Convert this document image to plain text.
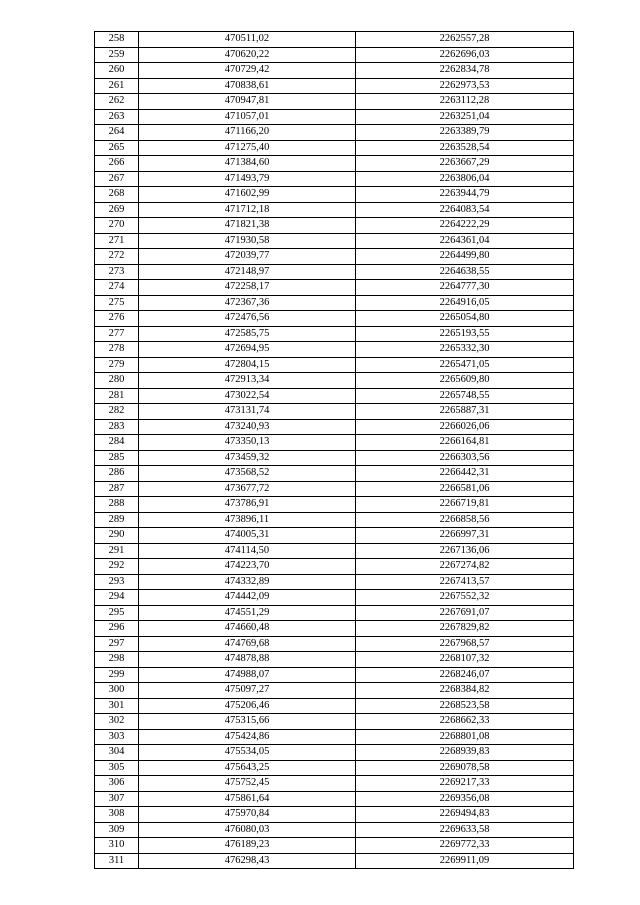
258	470511,02	2262557,28
259	470620,22	2262696,03
260	470729,42	2262834,78
261	470838,61	2262973,53
262	470947,81	2263112,28
263	471057,01	2263251,04
264	471166,20	2263389,79
265	471275,40	2263528,54
266	471384,60	2263667,29
267	471493,79	2263806,04
268	471602,99	2263944,79
269	471712,18	2264083,54
270	471821,38	2264222,29
271	471930,58	2264361,04
272	472039,77	2264499,80
273	472148,97	2264638,55
274	472258,17	2264777,30
275	472367,36	2264916,05
276	472476,56	2265054,80
277	472585,75	2265193,55
278	472694,95	2265332,30
279	472804,15	2265471,05
280	472913,34	2265609,80
281	473022,54	2265748,55
282	473131,74	2265887,31
283	473240,93	2266026,06
284	473350,13	2266164,81
285	473459,32	2266303,56
286	473568,52	2266442,31
287	473677,72	2266581,06
288	473786,91	2266719,81
289	473896,11	2266858,56
290	474005,31	2266997,31
291	474114,50	2267136,06
292	474223,70	2267274,82
293	474332,89	2267413,57
294	474442,09	2267552,32
295	474551,29	2267691,07
296	474660,48	2267829,82
297	474769,68	2267968,57
298	474878,88	2268107,32
299	474988,07	2268246,07
300	475097,27	2268384,82
301	475206,46	2268523,58
302	475315,66	2268662,33
303	475424,86	2268801,08
304	475534,05	2268939,83
305	475643,25	2269078,58
306	475752,45	2269217,33
307	475861,64	2269356,08
308	475970,84	2269494,83
309	476080,03	2269633,58
310	476189,23	2269772,33
311	476298,43	2269911,09
